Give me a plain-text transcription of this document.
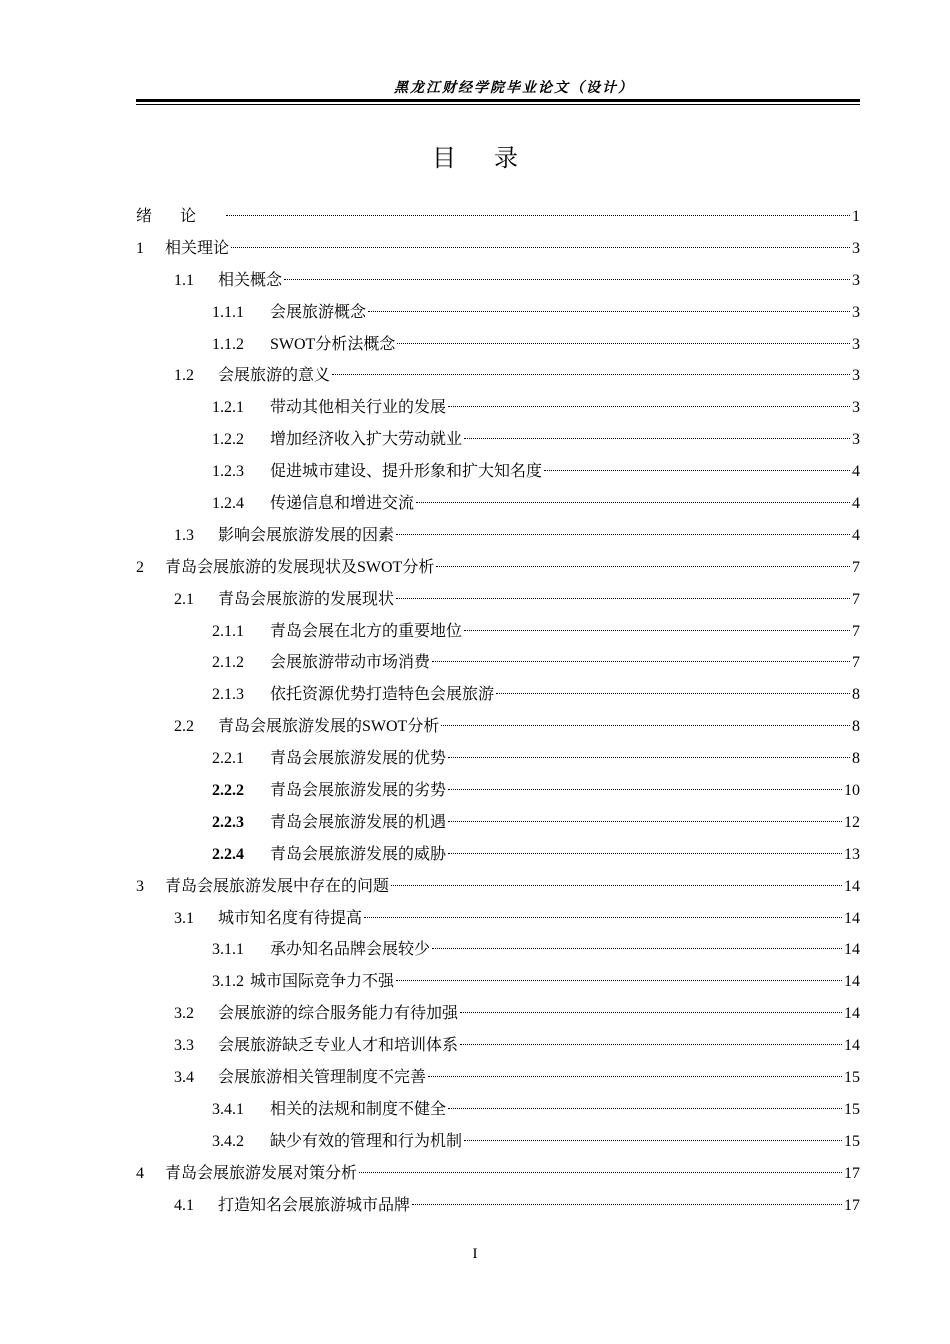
黑龙江财经学院毕业论文（设计）
目录
绪论	1
1	相关理论	3
1.1	相关概念	3
1.1.1	会展旅游概念	3
1.1.2	SWOT分析法概念	3
1.2	会展旅游的意义	3
1.2.1	带动其他相关行业的发展	3
1.2.2	增加经济收入扩大劳动就业	3
1.2.3	促进城市建设、提升形象和扩大知名度	4
1.2.4	传递信息和增进交流	4
1.3	影响会展旅游发展的因素	4
2	青岛会展旅游的发展现状及SWOT分析	7
2.1	青岛会展旅游的发展现状	7
2.1.1	青岛会展在北方的重要地位	7
2.1.2	会展旅游带动市场消费	7
2.1.3	依托资源优势打造特色会展旅游	8
2.2	青岛会展旅游发展的SWOT分析	8
2.2.1	青岛会展旅游发展的优势	8
2.2.2	青岛会展旅游发展的劣势	10
2.2.3	青岛会展旅游发展的机遇	12
2.2.4	青岛会展旅游发展的威胁	13
3	青岛会展旅游发展中存在的问题	14
3.1	城市知名度有待提高	14
3.1.1	承办知名品牌会展较少	14
3.1.2 城市国际竞争力不强	14
3.2	会展旅游的综合服务能力有待加强	14
3.3	会展旅游缺乏专业人才和培训体系	14
3.4	会展旅游相关管理制度不完善	15
3.4.1	相关的法规和制度不健全	15
3.4.2	缺少有效的管理和行为机制	15
4	青岛会展旅游发展对策分析	17
4.1	打造知名会展旅游城市品牌	17
I
